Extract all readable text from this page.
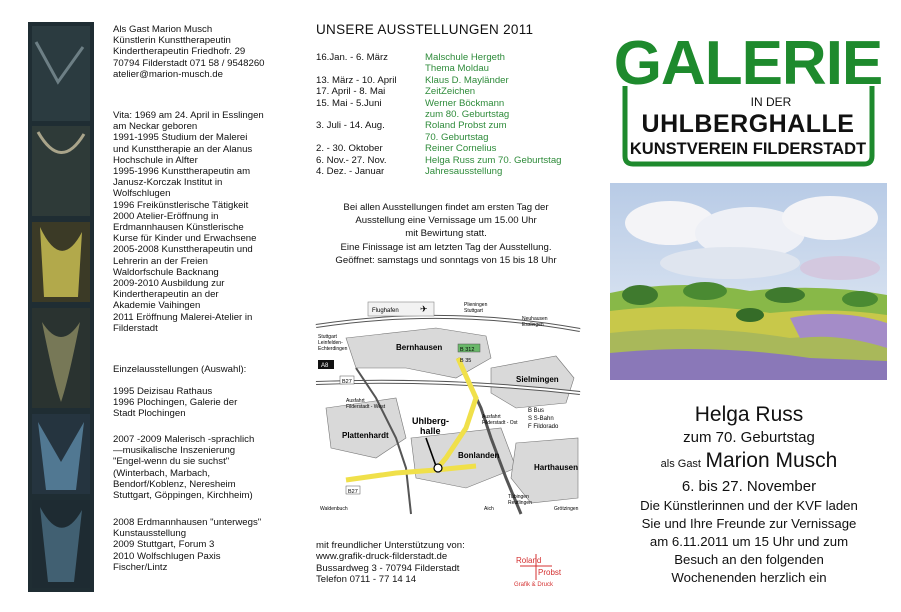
Als Gast Marion Musch

Künstlerin Kunsttherapeutin

Kindertherapeutin Friedhofr. 29

70794 Filderstadt 071 58 / 9548260

atelier@marion-musch.de

Vita: 1969 am 24. April in Esslingen

am Neckar geboren

1991-1995 Studium der Malerei

und Kunsttherapie an der Alanus

Hochschule in Alfter

1995-1996 Kunsttherapeutin am

Janusz-Korczak Institut in

Wolfschlugen

1996 Freikünstlerische Tätigkeit

2000 Atelier-Eröffnung in

Erdmannhausen Künstlerische

Kurse für Kinder und Erwachsene

2005-2008 Kunsttherapeutin und

Lehrerin an der Freien

Waldorfschule Backnang

2009-2010 Ausbildung zur

Kindertherapeutin an der

Akademie Vaihingen

2011 Eröffnung Malerei-Atelier in

Filderstadt

Einzelausstellungen (Auswahl):

1995 Deizisau Rathaus

1996 Plochingen, Galerie der

Stadt Plochingen

2007 -2009 Malerisch -sprachlich

—musikalische Inszenierung

"Engel-wenn du sie suchst"

(Winterbach, Marbach,

Bendorf/Koblenz, Neresheim

Stuttgart, Göppingen, Kirchheim)

2008 Erdmannhausen "unterwegs"

Kunstausstellung

2009 Stuttgart, Forum 3

2010 Wolfschlugen Paxis

Fischer/Lintz

UNSERE AUSSTELLUNGEN 2011
16.Jan. - 6. März	Malschule Hergeth
Thema Moldau
13. März - 10. April	Klaus D. Mayländer
17. April - 8. Mai	ZeitZeichen
15. Mai - 5.Juni	Werner Böckmann
zum 80. Geburtstag
3. Juli - 14. Aug.	Roland Probst zum
70. Geburtstag
2. - 30. Oktober	Reiner Cornelius
6. Nov.- 27. Nov.	Helga Russ zum 70. Geburtstag
4. Dez. - Januar	Jahresausstellung
Bei allen Ausstellungen findet am ersten Tag der
Ausstellung eine Vernissage um 15.00 Uhr
mit Bewirtung statt.
Eine Finissage ist am letzten Tag der Ausstellung.
Geöffnet: samstags und sonntags von 15 bis 18 Uhr
Flughafen ✈
Stuttgart Leinfelden-Echterdingen
A8
Bernhausen
Plieningen Stuttgart
Neuhausen Esslingen
Sielmingen
Plattenhardt
Uhlberg-halle
Bonlanden
Harthausen
B27
B 312
B 35
Ausfahrt Filderstadt - West
Ausfahrt Filderstadt - Ost
B Bus
S S-Bahn
F Fildorado
B27
Waldenbuch	Aich
Tübingen Reutlingen
Grötzingen
mit freundlicher Unterstützung von:
www.grafik-druck-filderstadt.de
Bussardweg 3 - 70794 Filderstadt
Telefon 0711 - 77 14 14
Roland
Probst
Grafik & Druck
GALERIE
IN DER
UHLBERGHALLE
KUNSTVEREIN FILDERSTADT
Helga Russ
zum 70. Geburtstag
als Gast Marion Musch
6. bis 27. November
Die Künstlerinnen und der KVF laden
Sie und Ihre Freunde zur Vernissage
am 6.11.2011 um 15 Uhr und zum
Besuch an den folgenden
Wochenenden herzlich ein
